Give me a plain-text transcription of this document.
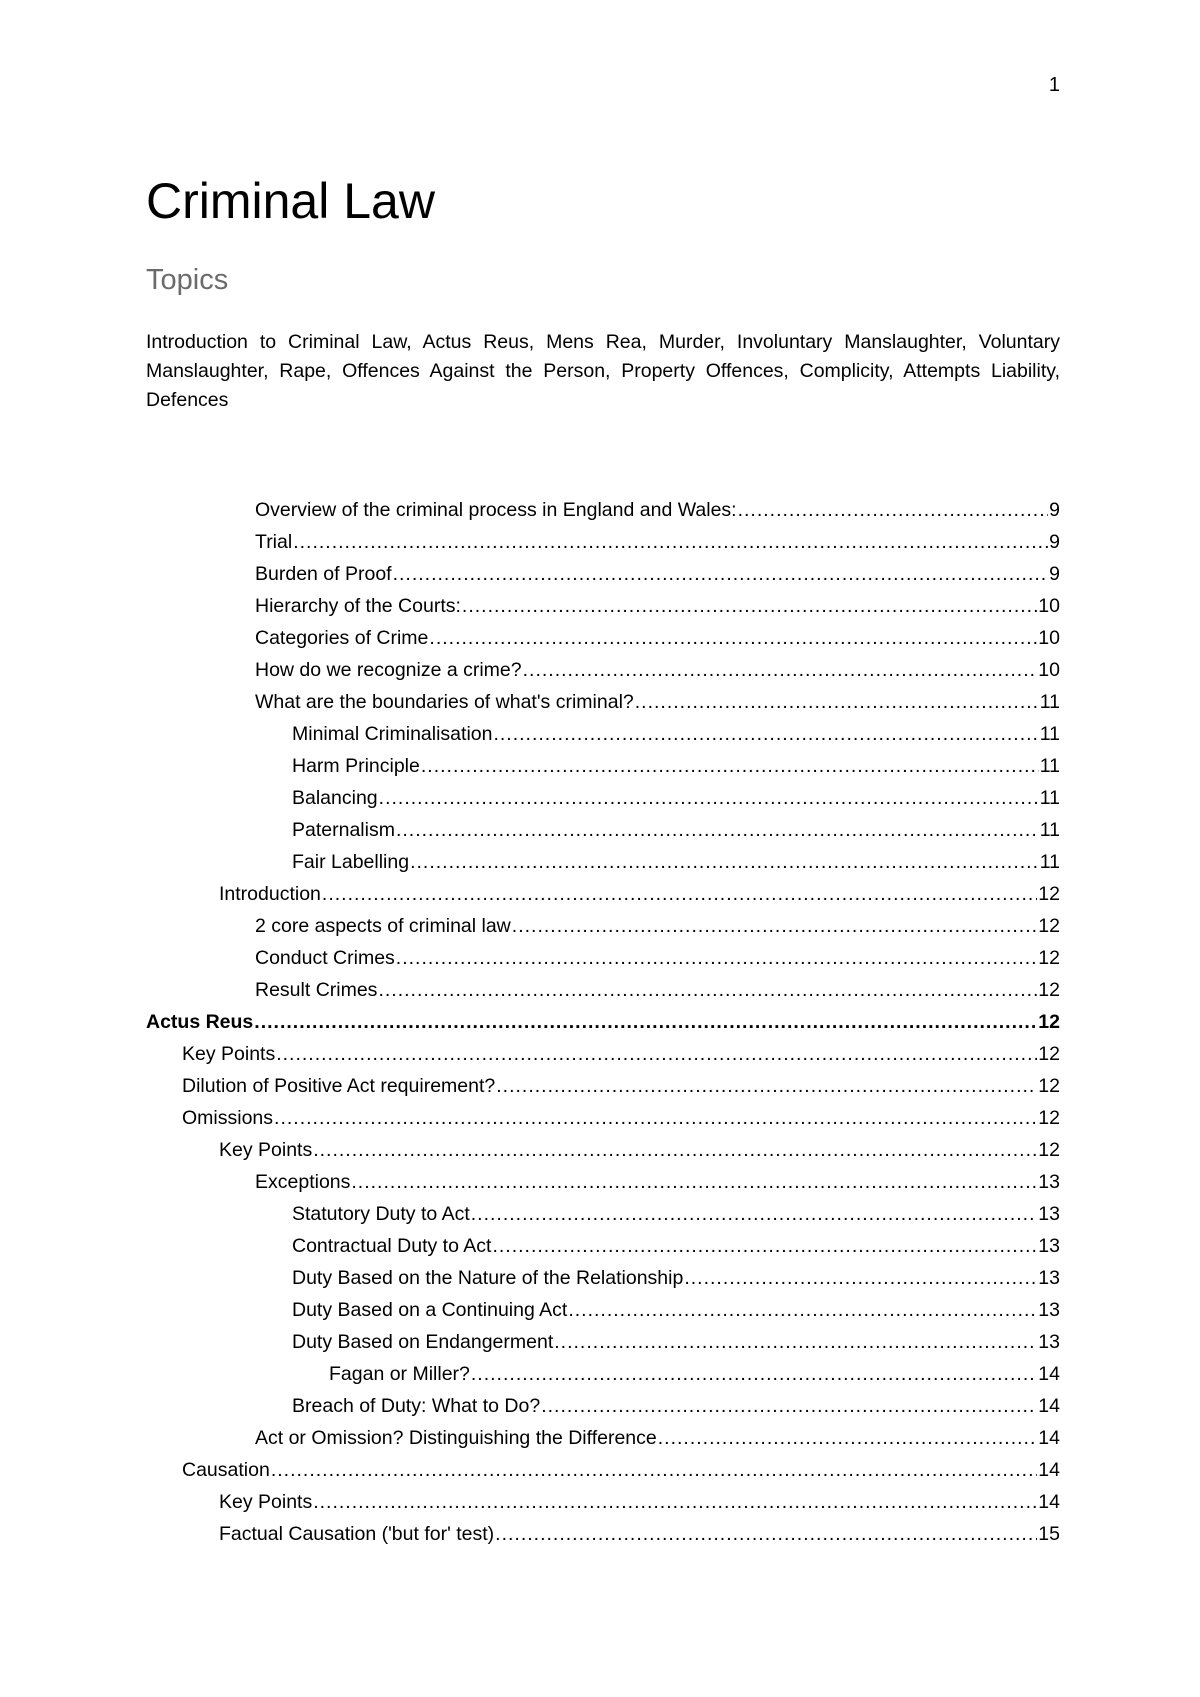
1
Criminal Law
Topics

Introduction to Criminal Law, Actus Reus, Mens Rea, Murder, Involuntary Manslaughter, Voluntary Manslaughter, Rape, Offences Against the Person, Property Offences, Complicity, Attempts Liability, Defences

Overview of the criminal process in England and Wales: .....	9
Trial .....	9
Burden of Proof .....	9
Hierarchy of the Courts: .....	10
Categories of Crime .....	10
How do we recognize a crime? .....	10
What are the boundaries of what's criminal? .....	11
Minimal Criminalisation .....	11
Harm Principle .....	11
Balancing .....	11
Paternalism .....	11
Fair Labelling .....	11
Introduction .....	12
2 core aspects of criminal law .....	12
Conduct Crimes .....	12
Result Crimes .....	12
Actus Reus .....	12
Key Points .....	12
Dilution of Positive Act requirement? .....	12
Omissions .....	12
Key Points .....	12
Exceptions .....	13
Statutory Duty to Act .....	13
Contractual Duty to Act .....	13
Duty Based on the Nature of the Relationship .....	13
Duty Based on a Continuing Act .....	13
Duty Based on Endangerment .....	13
Fagan or Miller? .....	14
Breach of Duty: What to Do? .....	14
Act or Omission? Distinguishing the Difference .....	14
Causation .....	14
Key Points .....	14
Factual Causation ('but for' test) .....	15
